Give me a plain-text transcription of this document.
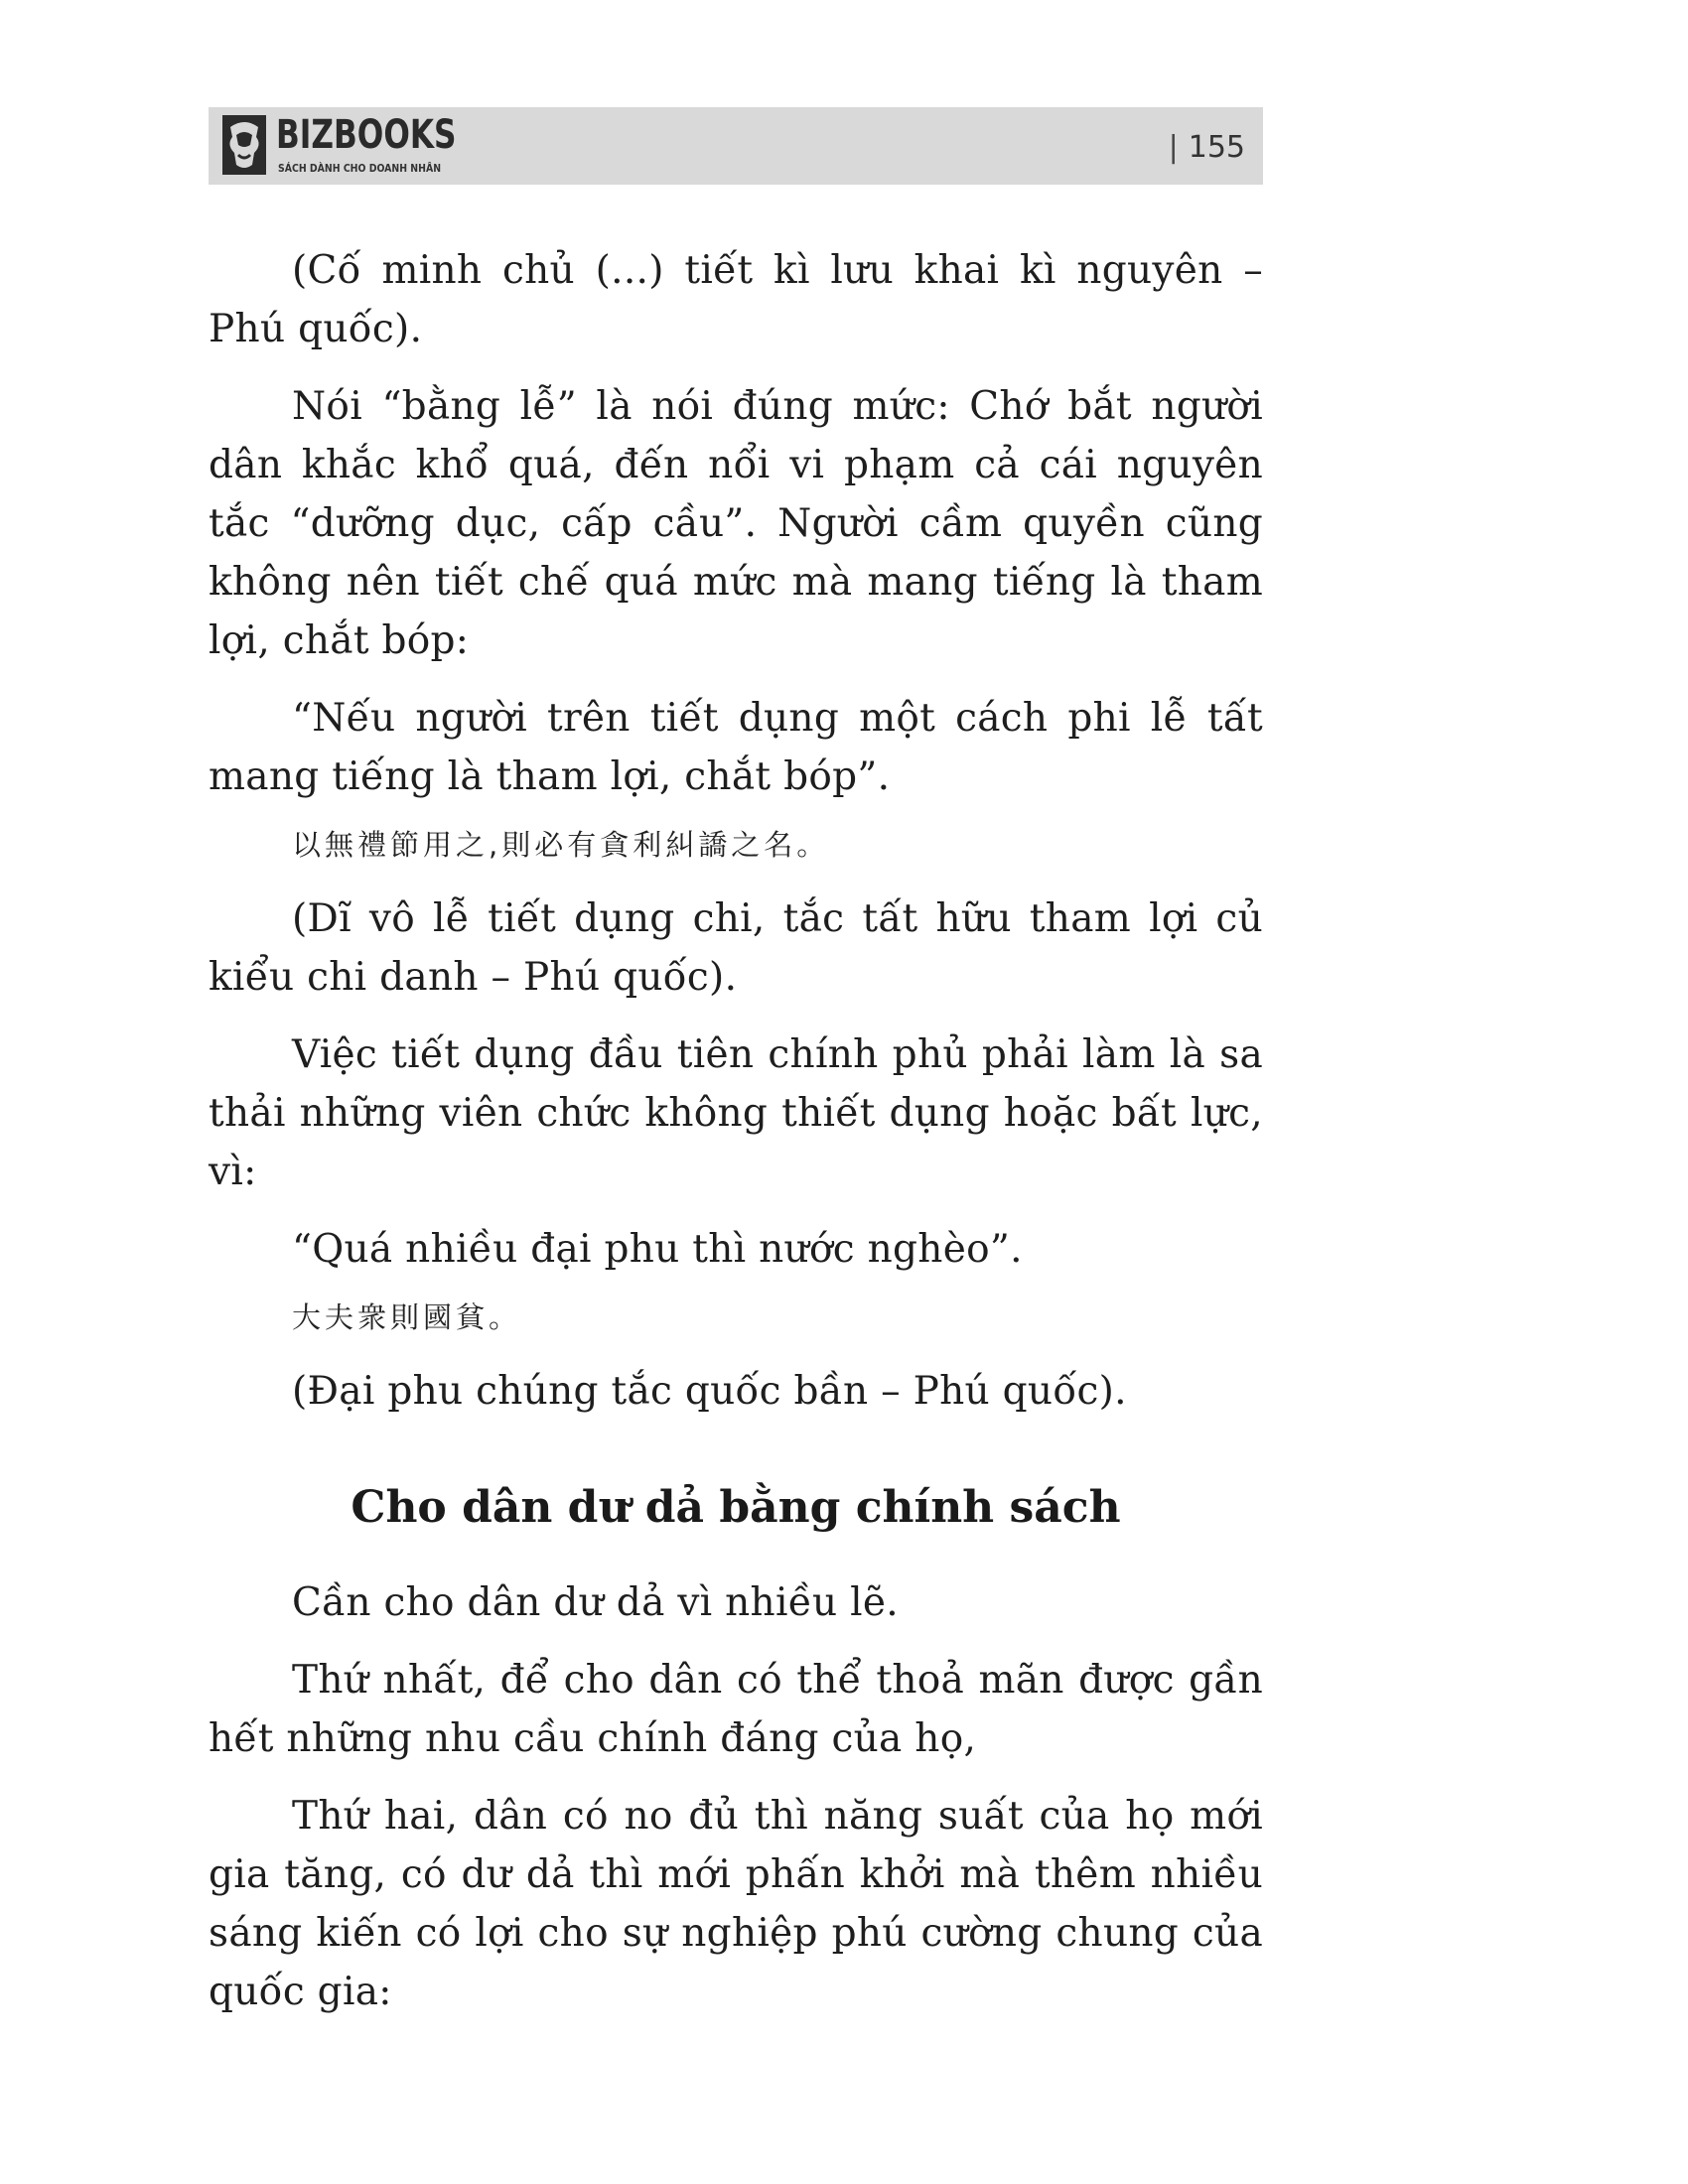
BIZBOOKS
SÁCH DÀNH CHO DOANH NHÂN
| 155

(Cố minh chủ (...) tiết kì lưu khai kì nguyên – Phú quốc).

Nói “bằng lễ” là nói đúng mức: Chớ bắt người dân khắc khổ quá, đến nổi vi phạm cả cái nguyên tắc “dưỡng dục, cấp cầu”. Người cầm quyền cũng không nên tiết chế quá mức mà mang tiếng là tham lợi, chắt bóp:

“Nếu người trên tiết dụng một cách phi lễ tất mang tiếng là tham lợi, chắt bóp”.

以無禮節用之,則必有貪利糾譑之名。

(Dĩ vô lễ tiết dụng chi, tắc tất hữu tham lợi củ kiểu chi danh – Phú quốc).

Việc tiết dụng đầu tiên chính phủ phải làm là sa thải những viên chức không thiết dụng hoặc bất lực, vì:

“Quá nhiều đại phu thì nước nghèo”.

大夫衆則國貧。

(Đại phu chúng tắc quốc bần – Phú quốc).

Cho dân dư dả bằng chính sách

Cần cho dân dư dả vì nhiều lẽ.

Thứ nhất, để cho dân có thể thoả mãn được gần hết những nhu cầu chính đáng của họ,

Thứ hai, dân có no đủ thì năng suất của họ mới gia tăng, có dư dả thì mới phấn khởi mà thêm nhiều sáng kiến có lợi cho sự nghiệp phú cường chung của quốc gia:
